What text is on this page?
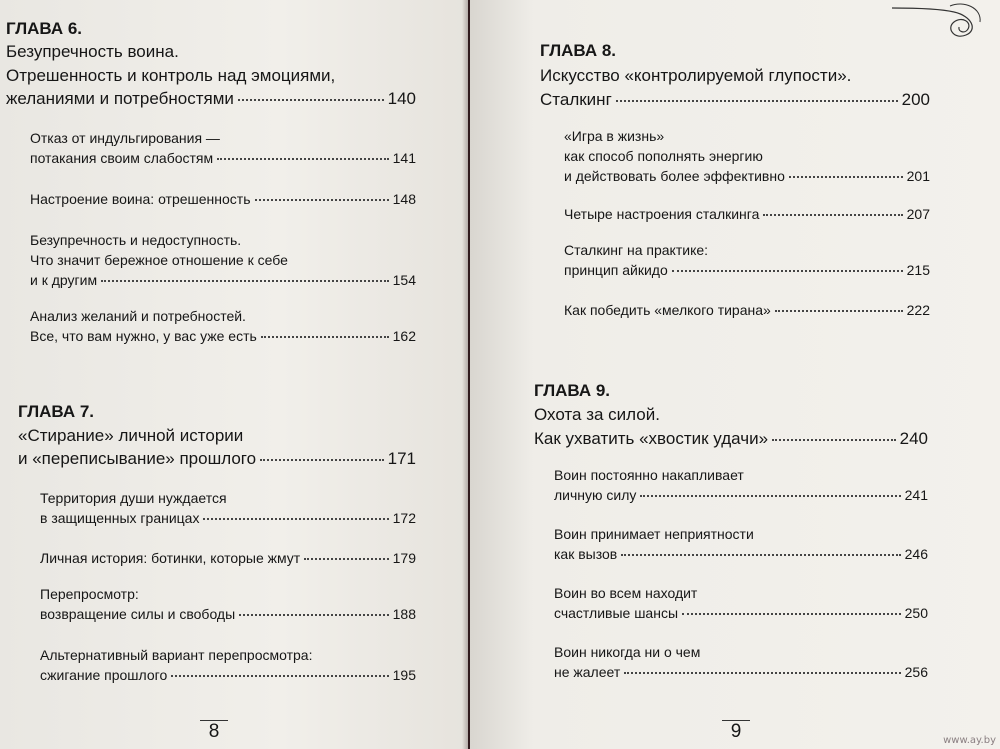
ГЛАВА 6.
Безупречность воина.
Отрешенность и контроль над эмоциями,
желаниями и потребностями	140
Отказ от индульгирования —
потакания своим слабостям	141
Настроение воина: отрешенность	148
Безупречность и недоступность.
Что значит бережное отношение к себе
и к другим	154
Анализ желаний и потребностей.
Все, что вам нужно, у вас уже есть	162
ГЛАВА 7.
«Стирание» личной истории
и «переписывание» прошлого	171
Территория души нуждается
в защищенных границах	172
Личная история: ботинки, которые жмут	179
Перепросмотр:
возвращение силы и свободы	188
Альтернативный вариант перепросмотра:
сжигание прошлого	195
8
ГЛАВА 8.
Искусство «контролируемой глупости».
Сталкинг	200
«Игра в жизнь»
как способ пополнять энергию
и действовать более эффективно	201
Четыре настроения сталкинга	207
Сталкинг на практике:
принцип айкидо	215
Как победить «мелкого тирана»	222
ГЛАВА 9.
Охота за силой.
Как ухватить «хвостик удачи»	240
Воин постоянно накапливает
личную силу	241
Воин принимает неприятности
как вызов	246
Воин во всем находит
счастливые шансы	250
Воин никогда ни о чем
не жалеет	256
9	www.ay.by
